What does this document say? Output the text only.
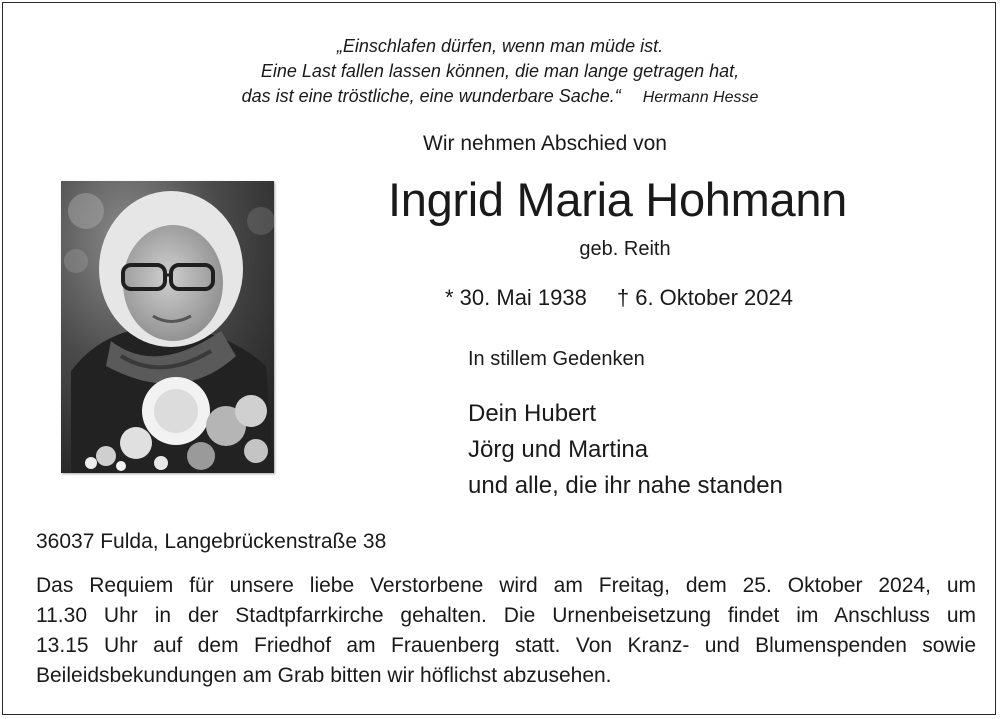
„Einschlafen dürfen, wenn man müde ist.
Eine Last fallen lassen können, die man lange getragen hat,
das ist eine tröstliche, eine wunderbare Sache.“ Hermann Hesse
Wir nehmen Abschied von
Ingrid Maria Hohmann
geb. Reith
* 30. Mai 1938 † 6. Oktober 2024
In stillem Gedenken
Dein Hubert
Jörg und Martina
und alle, die ihr nahe standen
36037 Fulda, Langebrückenstraße 38
Das Requiem für unsere liebe Verstorbene wird am Freitag, dem 25. Oktober 2024, um
11.30 Uhr in der Stadtpfarrkirche gehalten. Die Urnenbeisetzung findet im Anschluss um
13.15 Uhr auf dem Friedhof am Frauenberg statt. Von Kranz- und Blumenspenden sowie
Beileidsbekundungen am Grab bitten wir höflichst abzusehen.
